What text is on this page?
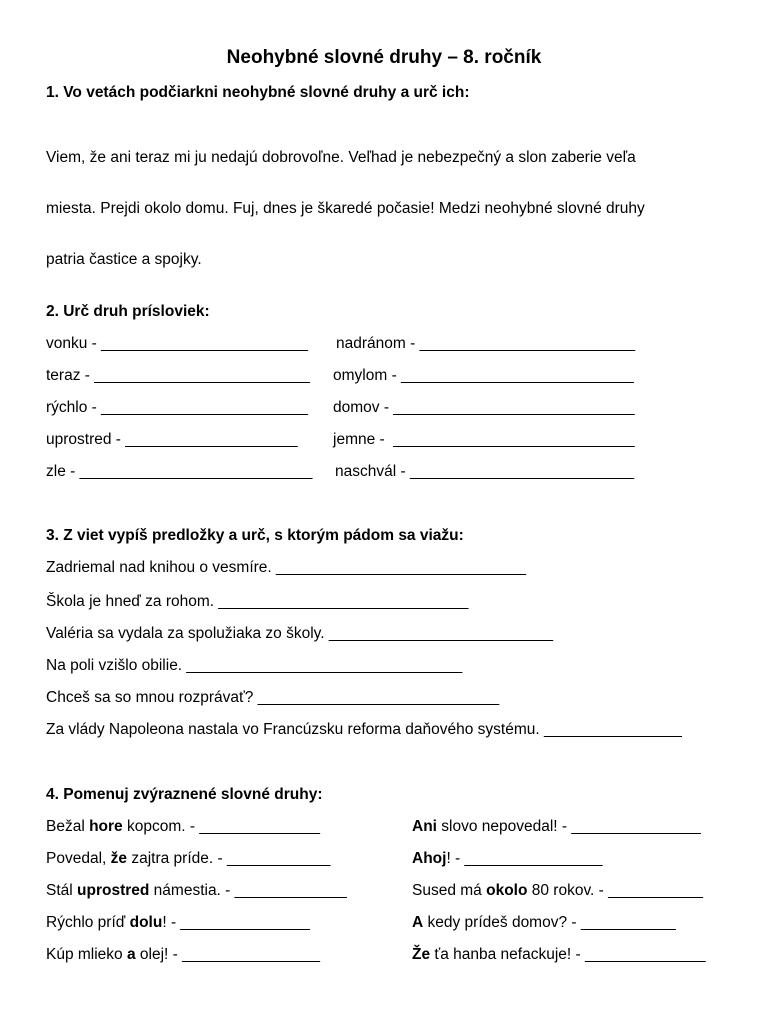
Neohybné slovné druhy – 8. ročník
1. Vo vetách podčiarkni neohybné slovné druhy a urč ich:
Viem, že ani teraz mi ju nedajú dobrovoľne. Veľhad je nebezpečný a slon zaberie veľa
miesta. Prejdi okolo domu. Fuj, dnes je škaredé počasie! Medzi neohybné slovné druhy
patria častice a spojky.
2. Urč druh prísloviek:
vonku - ________________________
teraz - _________________________
rýchlo - ________________________
uprostred - ____________________
zle - ___________________________
nadránom - _________________________
omylom - ___________________________
domov - ____________________________
jemne -  ____________________________
naschvál - __________________________
3. Z viet vypíš predložky a urč, s ktorým pádom sa viažu:
Zadriemal nad knihou o vesmíre. _____________________________
Škola je hneď za rohom. _____________________________
Valéria sa vydala za spolužiaka zo školy. __________________________
Na poli vzišlo obilie. ________________________________
Chceš sa so mnou rozprávať? ____________________________
Za vlády Napoleona nastala vo Francúzsku reforma daňového systému. ________________
4. Pomenuj zvýraznené slovné druhy:
Bežal hore kopcom. - ______________
Povedal, že zajtra príde. - ____________
Stál uprostred námestia. - _____________
Rýchlo príď dolu! - _______________
Kúp mlieko a olej! - ________________
Ani slovo nepovedal! - _______________
Ahoj! - ________________
Sused má okolo 80 rokov. - ___________
A kedy prídeš domov? - ___________
Že ťa hanba nefackuje! - ______________
